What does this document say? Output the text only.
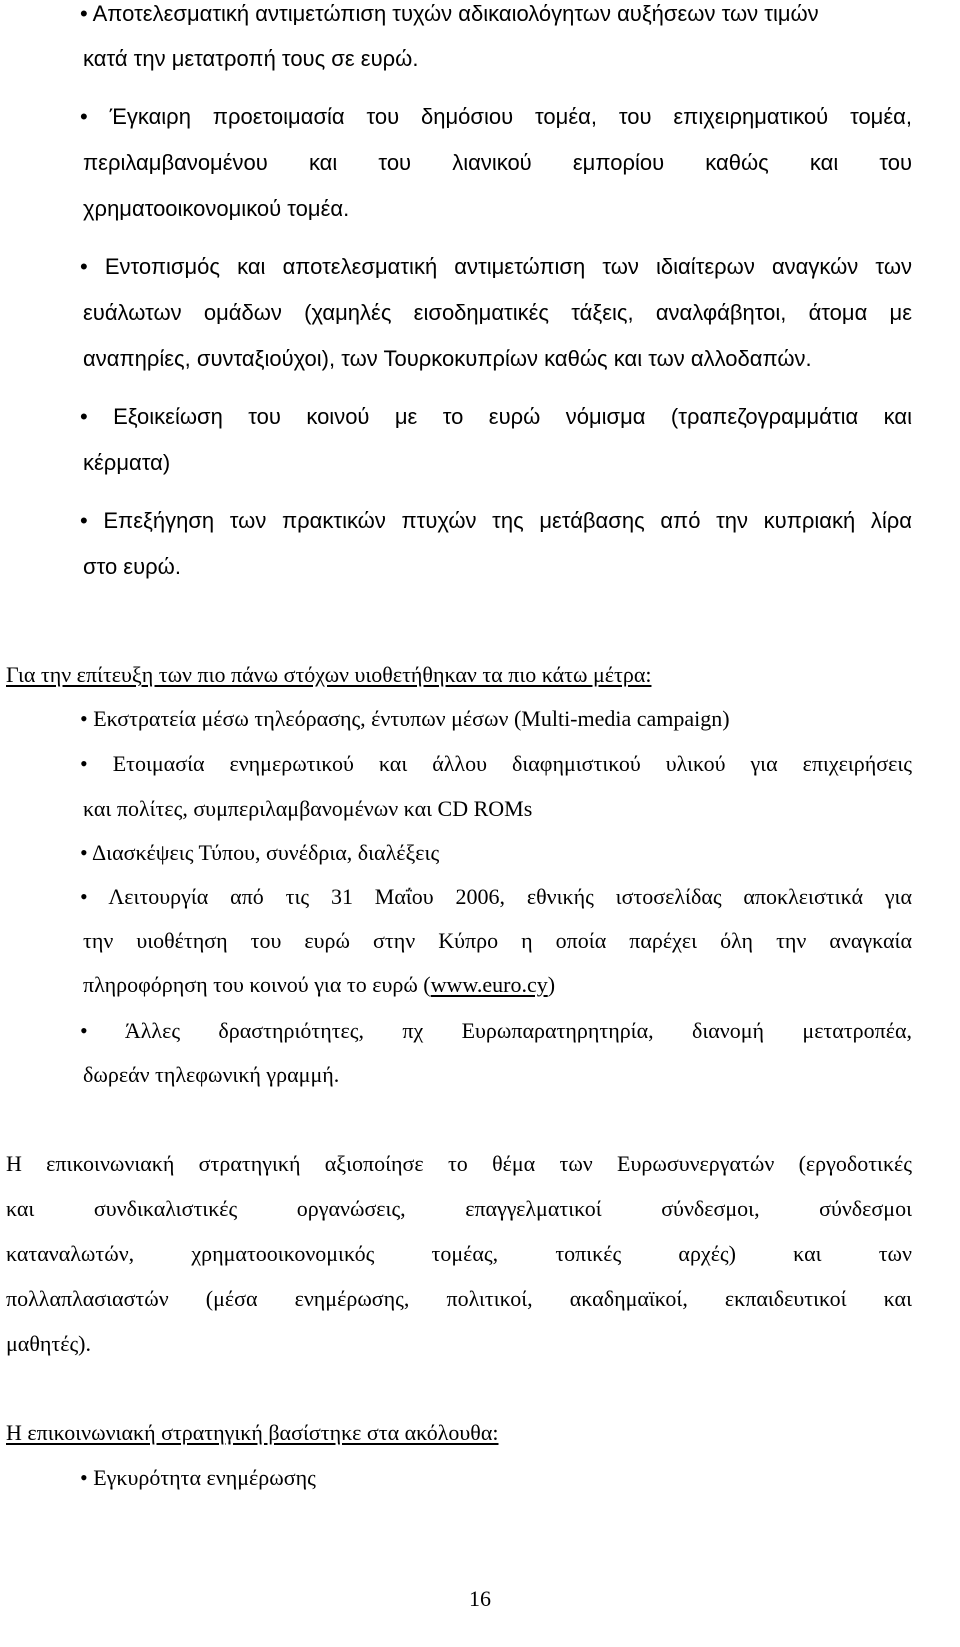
• Αποτελεσματική αντιμετώπιση τυχών αδικαιολόγητων αυξήσεων των τιμών
κατά την μετατροπή τους σε ευρώ.
• Έγκαιρη προετοιμασία του δημόσιου τομέα, του επιχειρηματικού τομέα,
περιλαμβανομένου και του λιανικού εμπορίου καθώς και του
χρηματοοικονομικού τομέα.
• Εντοπισμός και αποτελεσματική αντιμετώπιση των ιδιαίτερων αναγκών των
ευάλωτων ομάδων (χαμηλές εισοδηματικές τάξεις, αναλφάβητοι, άτομα με
αναπηρίες, συνταξιούχοι), των Τουρκοκυπρίων καθώς και των αλλοδαπών.
• Εξοικείωση του κοινού με το ευρώ νόμισμα (τραπεζογραμμάτια και
κέρματα)
• Επεξήγηση των πρακτικών πτυχών της μετάβασης από την κυπριακή λίρα
στο ευρώ.
Για την επίτευξη των πιο πάνω στόχων υιοθετήθηκαν τα πιο κάτω μέτρα:
• Εκστρατεία μέσω τηλεόρασης, έντυπων μέσων (Multi-media campaign)
• Ετοιμασία ενημερωτικού και άλλου διαφημιστικού υλικού για επιχειρήσεις
και πολίτες, συμπεριλαμβανομένων και CD ROMs
• Διασκέψεις Τύπου, συνέδρια, διαλέξεις
• Λειτουργία από τις 31 Μαΐου 2006, εθνικής ιστοσελίδας αποκλειστικά για
την υιοθέτηση του ευρώ στην Κύπρο η οποία παρέχει όλη την αναγκαία
πληροφόρηση του κοινού για το ευρώ (www.euro.cy)
• Άλλες δραστηριότητες, πχ Ευρωπαρατηρητηρία, διανομή μετατροπέα,
δωρεάν τηλεφωνική γραμμή.
Η επικοινωνιακή στρατηγική αξιοποίησε το θέμα των Ευρωσυνεργατών (εργοδοτικές
και συνδικαλιστικές οργανώσεις, επαγγελματικοί σύνδεσμοι, σύνδεσμοι
καταναλωτών, χρηματοοικονομικός τομέας, τοπικές αρχές) και των
πολλαπλασιαστών (μέσα ενημέρωσης, πολιτικοί, ακαδημαϊκοί, εκπαιδευτικοί και
μαθητές).
Η επικοινωνιακή στρατηγική βασίστηκε στα ακόλουθα:
• Εγκυρότητα ενημέρωσης
16
